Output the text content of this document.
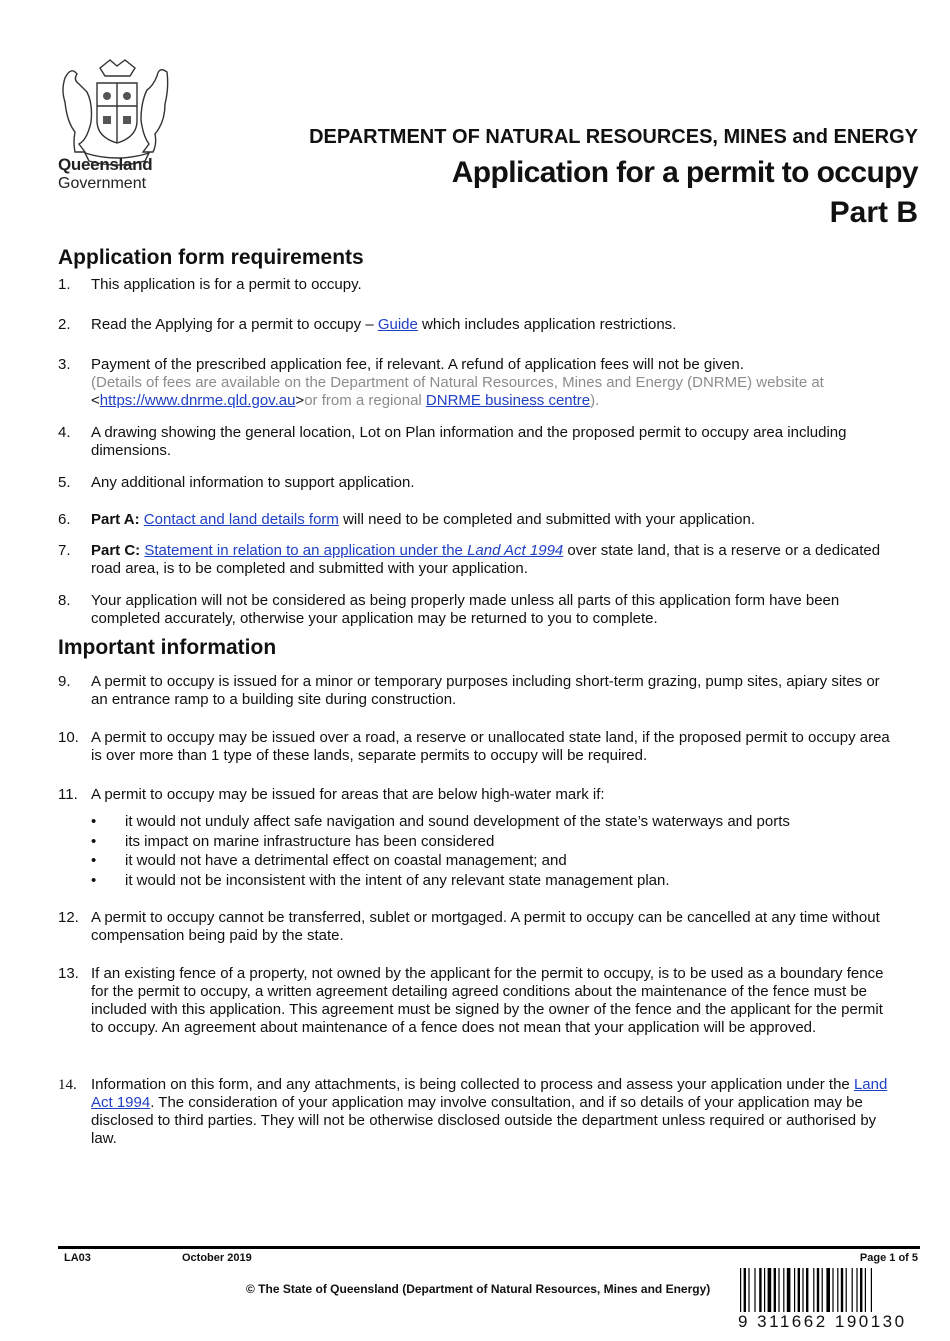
Queensland
Government
DEPARTMENT OF NATURAL RESOURCES, MINES and ENERGY
Application for a permit to occupy
Part B
Application form requirements
1.	This application is for a permit to occupy.
2.	Read the Applying for a permit to occupy – Guide which includes application restrictions.
3.	Payment of the prescribed application fee, if relevant. A refund of application fees will not be given.
(Details of fees are available on the Department of Natural Resources, Mines and Energy (DNRME) website at
<https://www.dnrme.qld.gov.au>or from a regional DNRME business centre).
4.	A drawing showing the general location, Lot on Plan information and the proposed permit to occupy area including dimensions.
5.	Any additional information to support application.
6.	Part A: Contact and land details form will need to be completed and submitted with your application.
7.	Part C: Statement in relation to an application under the Land Act 1994 over state land, that is a reserve or a dedicated road area, is to be completed and submitted with your application.
8.	Your application will not be considered as being properly made unless all parts of this application form have been completed accurately, otherwise your application may be returned to you to complete.
Important information
9.	A permit to occupy is issued for a minor or temporary purposes including short-term grazing, pump sites, apiary sites or an entrance ramp to a building site during construction.
10. A permit to occupy may be issued over a road, a reserve or unallocated state land, if the proposed permit to occupy area is over more than 1 type of these lands, separate permits to occupy will be required.
11. A permit to occupy may be issued for areas that are below high-water mark if:
• it would not unduly affect safe navigation and sound development of the state’s waterways and ports
• its impact on marine infrastructure has been considered
• it would not have a detrimental effect on coastal management; and
• it would not be inconsistent with the intent of any relevant state management plan.
12. A permit to occupy cannot be transferred, sublet or mortgaged. A permit to occupy can be cancelled at any time without compensation being paid by the state.
13. If an existing fence of a property, not owned by the applicant for the permit to occupy, is to be used as a boundary fence for the permit to occupy, a written agreement detailing agreed conditions about the maintenance of the fence must be included with this application. This agreement must be signed by the owner of the fence and the applicant for the permit to occupy. An agreement about maintenance of a fence does not mean that your application will be approved.
14. Information on this form, and any attachments, is being collected to process and assess your application under the Land Act 1994. The consideration of your application may involve consultation, and if so details of your application may be disclosed to third parties. They will not be otherwise disclosed outside the department unless required or authorised by law.
LA03	October 2019	Page 1 of 5
© The State of Queensland (Department of Natural Resources, Mines and Energy)
9 311662 190130
